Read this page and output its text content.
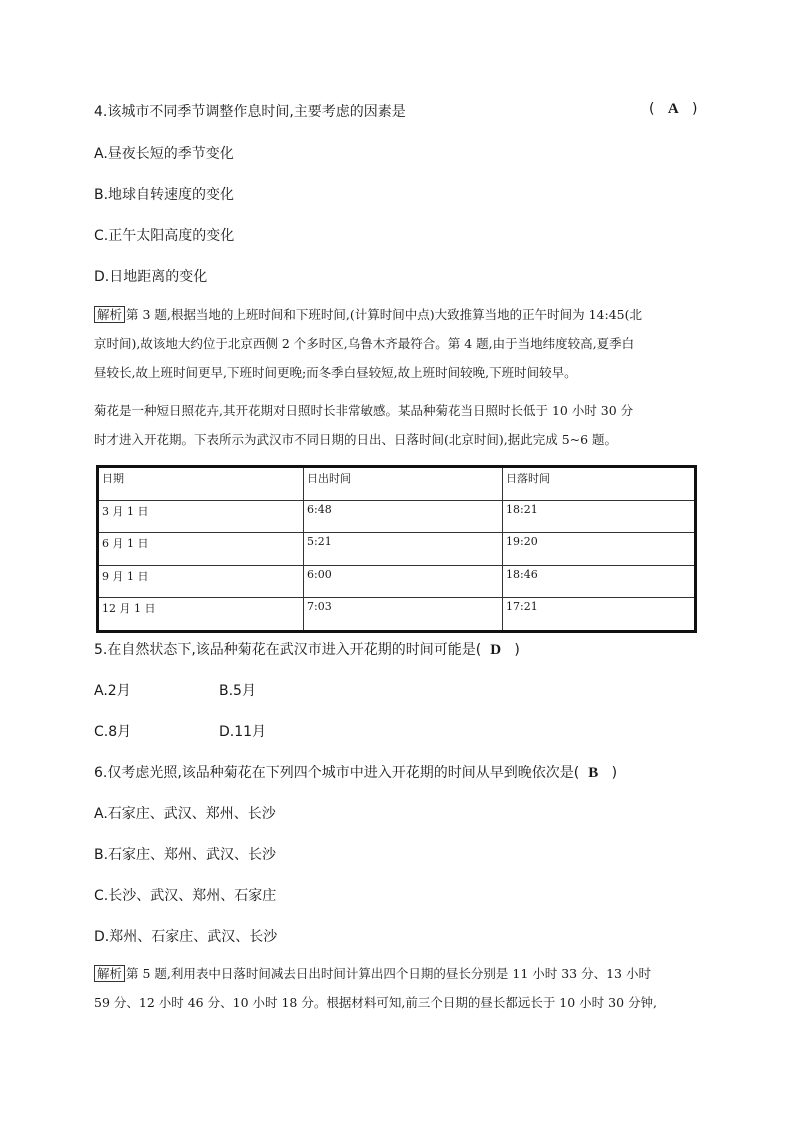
4.该城市不同季节调整作息时间,主要考虑的因素是	( A )
A.昼夜长短的季节变化
B.地球自转速度的变化
C.正午太阳高度的变化
D.日地距离的变化
解析 第 3 题,根据当地的上班时间和下班时间,(计算时间中点)大致推算当地的正午时间为 14:45(北
京时间),故该地大约位于北京西侧 2 个多时区,乌鲁木齐最符合。第 4 题,由于当地纬度较高,夏季白
昼较长,故上班时间更早,下班时间更晚;而冬季白昼较短,故上班时间较晚,下班时间较早。
菊花是一种短日照花卉,其开花期对日照时长非常敏感。某品种菊花当日照时长低于 10 小时 30 分
时才进入开花期。下表所示为武汉市不同日期的日出、日落时间(北京时间),据此完成 5~6 题。
日期	日出时间	日落时间
3 月 1 日	6:48	18:21
6 月 1 日	5:21	19:20
9 月 1 日	6:00	18:46
12 月 1 日	7:03	17:21
5.在自然状态下,该品种菊花在武汉市进入开花期的时间可能是( D )
A.2月	B.5月
C.8月	D.11月
6.仅考虑光照,该品种菊花在下列四个城市中进入开花期的时间从早到晚依次是( B )
A.石家庄、武汉、郑州、长沙
B.石家庄、郑州、武汉、长沙
C.长沙、武汉、郑州、石家庄
D.郑州、石家庄、武汉、长沙
解析 第 5 题,利用表中日落时间减去日出时间计算出四个日期的昼长分别是 11 小时 33 分、13 小时
59 分、12 小时 46 分、10 小时 18 分。根据材料可知,前三个日期的昼长都远长于 10 小时 30 分钟,
